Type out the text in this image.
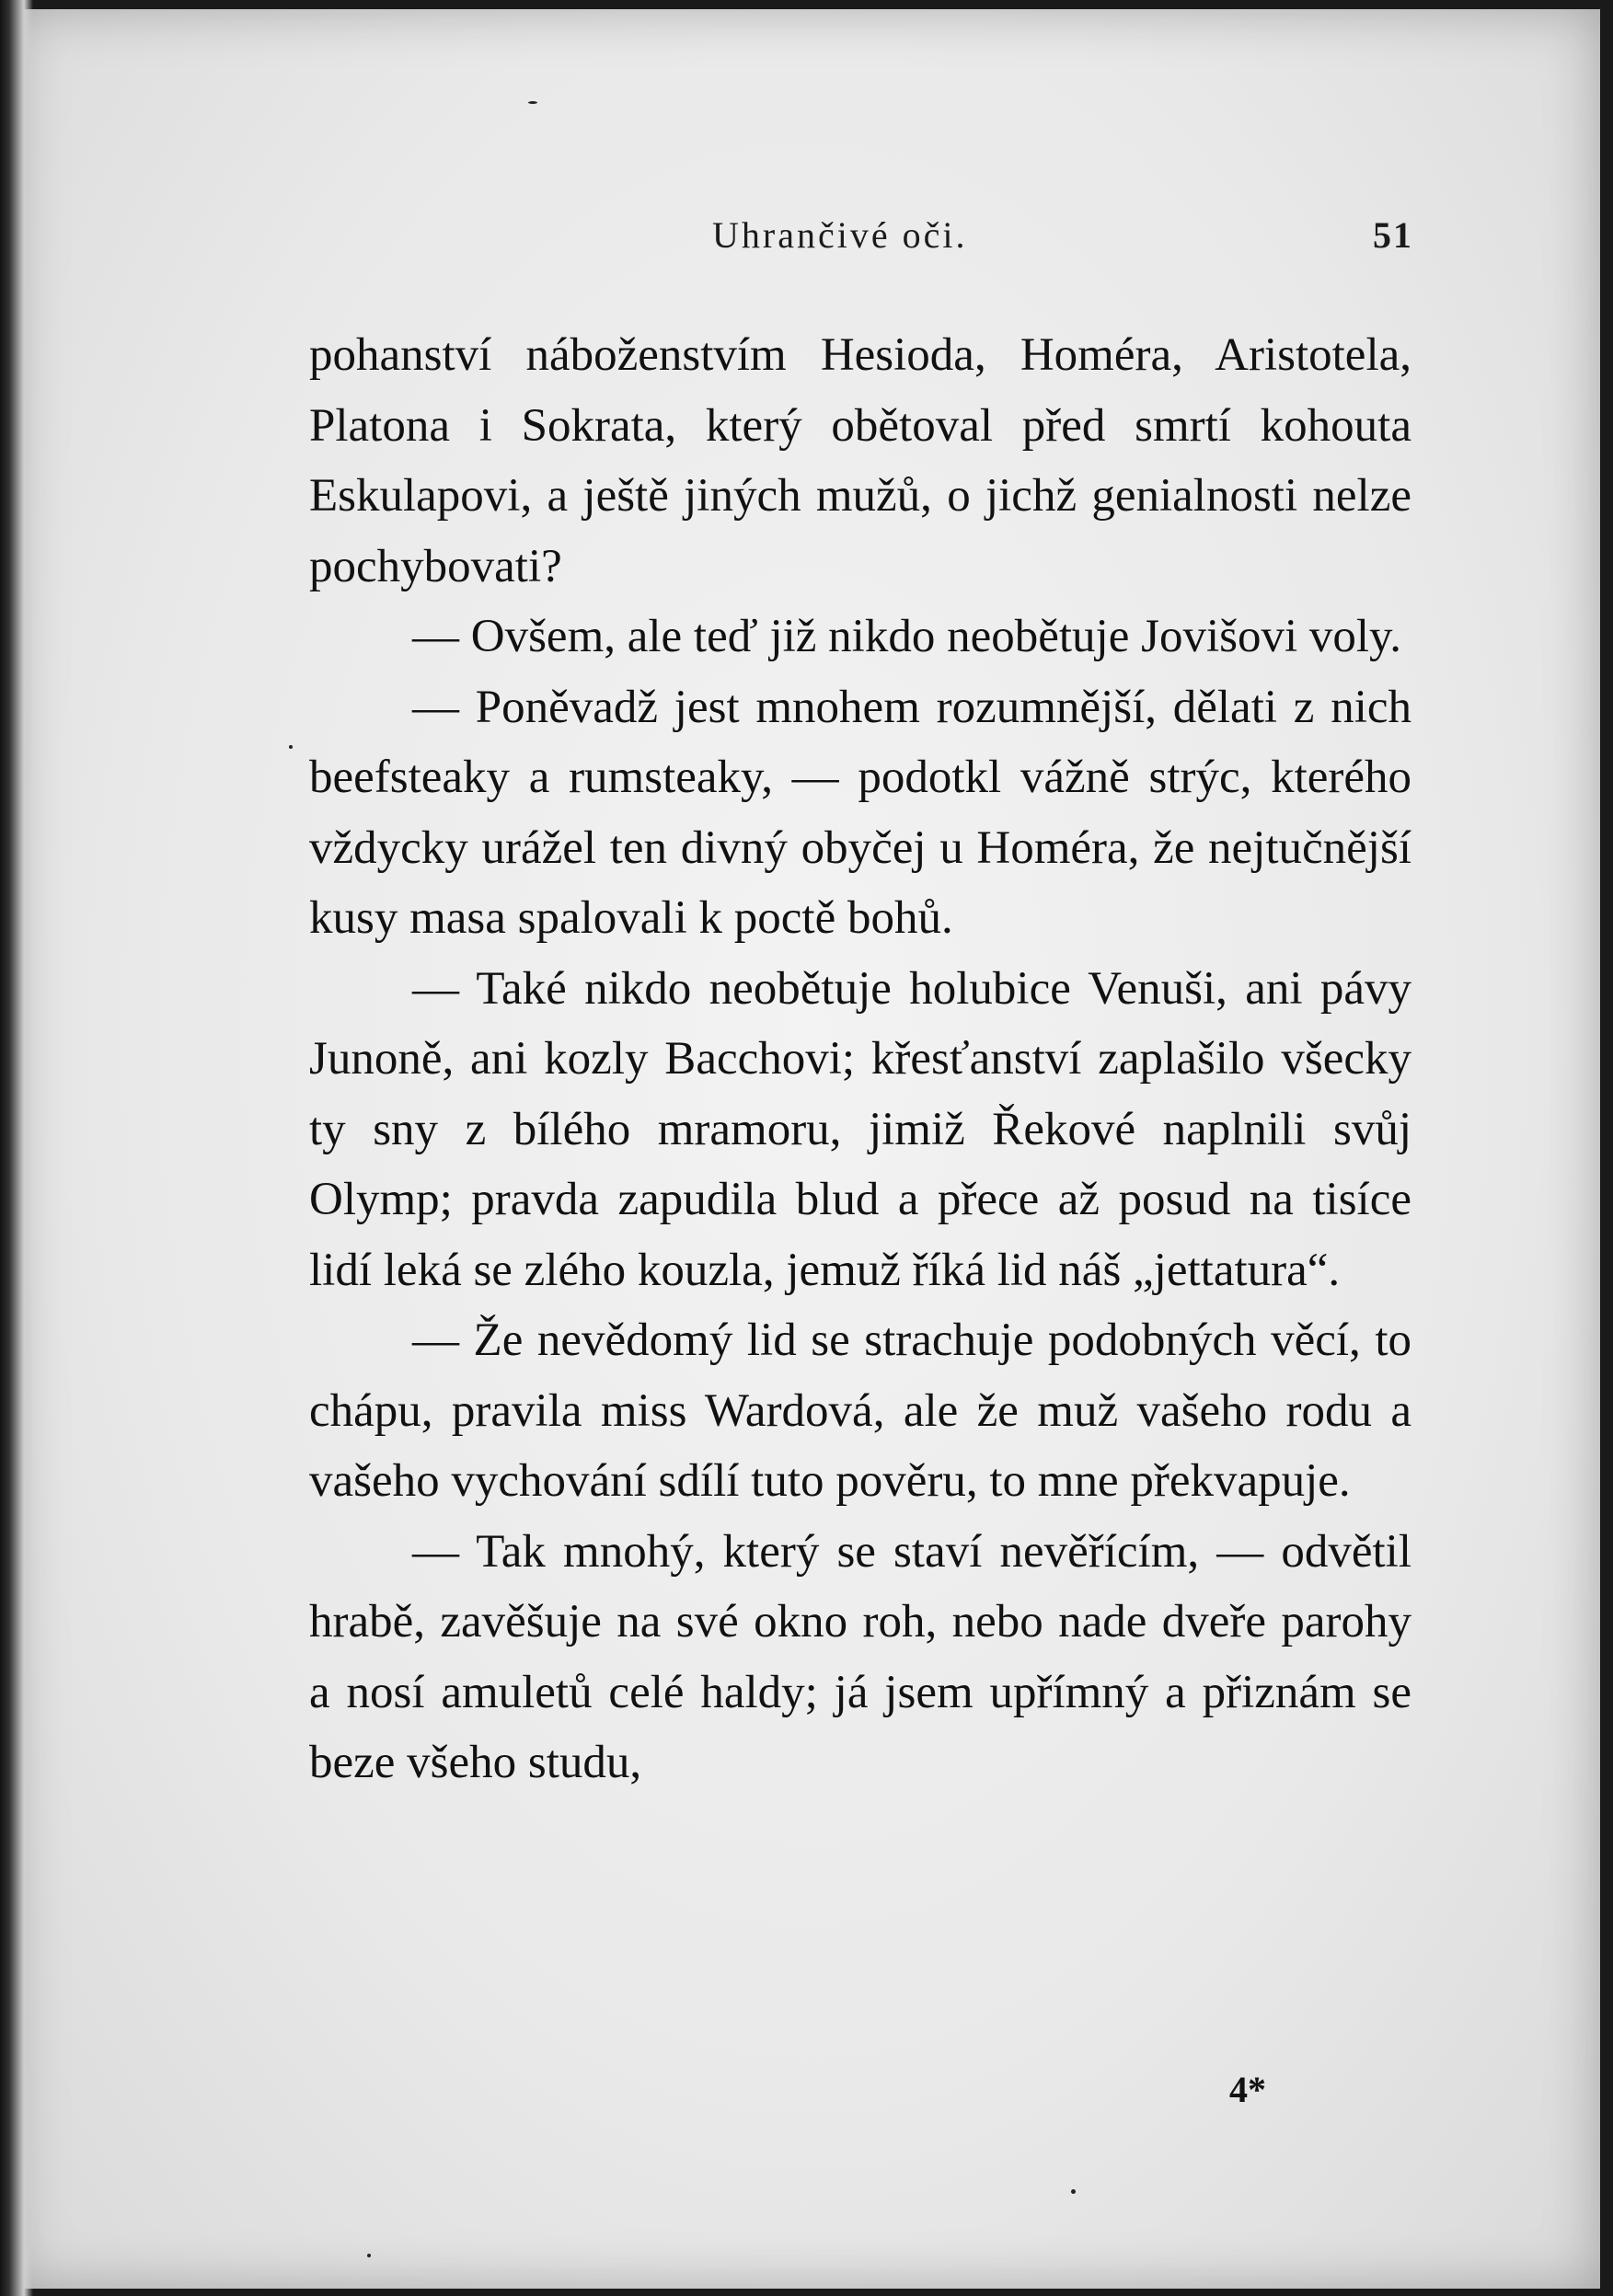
Uhrančivé oči.	51

pohanství náboženstvím Hesioda, Homéra, Aristotela, Platona i Sokrata, který obětoval před smrtí kohouta Eskulapovi, a ještě jiných mužů, o jichž genialnosti nelze pochybovati?

— Ovšem, ale teď již nikdo neobětuje Jovišovi voly.

— Poněvadž jest mnohem rozumnější, dělati z nich beefsteaky a rumsteaky, — podotkl vážně strýc, kterého vždycky urážel ten divný obyčej u Homéra, že nejtučnější kusy masa spalovali k poctě bohů.

— Také nikdo neobětuje holubice Venuši, ani pávy Junoně, ani kozly Bacchovi; křesťanství zaplašilo všecky ty sny z bílého mramoru, jimiž Řekové naplnili svůj Olymp; pravda zapudila blud a přece až posud na tisíce lidí leká se zlého kouzla, jemuž říká lid náš „jettatura“.

— Že nevědomý lid se strachuje podobných věcí, to chápu, pravila miss Wardová, ale že muž vašeho rodu a vašeho vychování sdílí tuto pověru, to mne překvapuje.

— Tak mnohý, který se staví nevěřícím, — odvětil hrabě, zavěšuje na své okno roh, nebo nade dveře parohy a nosí amuletů celé haldy; já jsem upřímný a přiznám se beze všeho studu,

4*
